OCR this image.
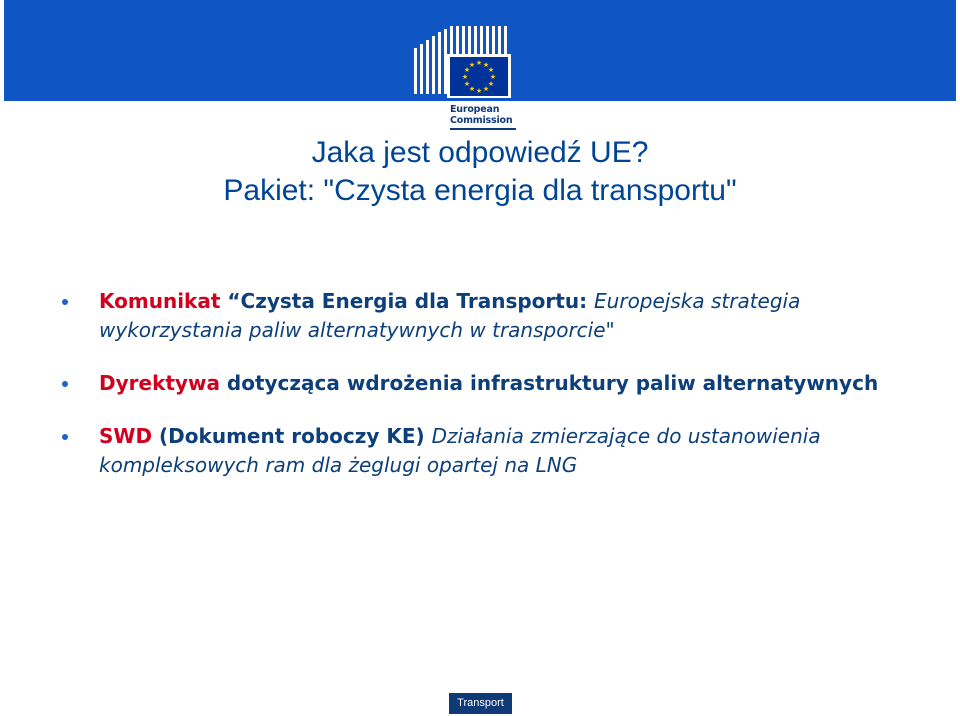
★ ★
★
★
★
★
★
★
★
★
★
★
European
Commission
Jaka jest odpowiedź UE?
Pakiet: "Czysta energia dla transportu"
Komunikat “Czysta Energia dla Transportu: Europejska strategia wykorzystania paliw alternatywnych w transporcie"
Dyrektywa dotycząca wdrożenia infrastruktury paliw alternatywnych
SWD (Dokument roboczy KE) Działania zmierzające do ustanowienia kompleksowych ram dla żeglugi opartej na LNG
Transport
